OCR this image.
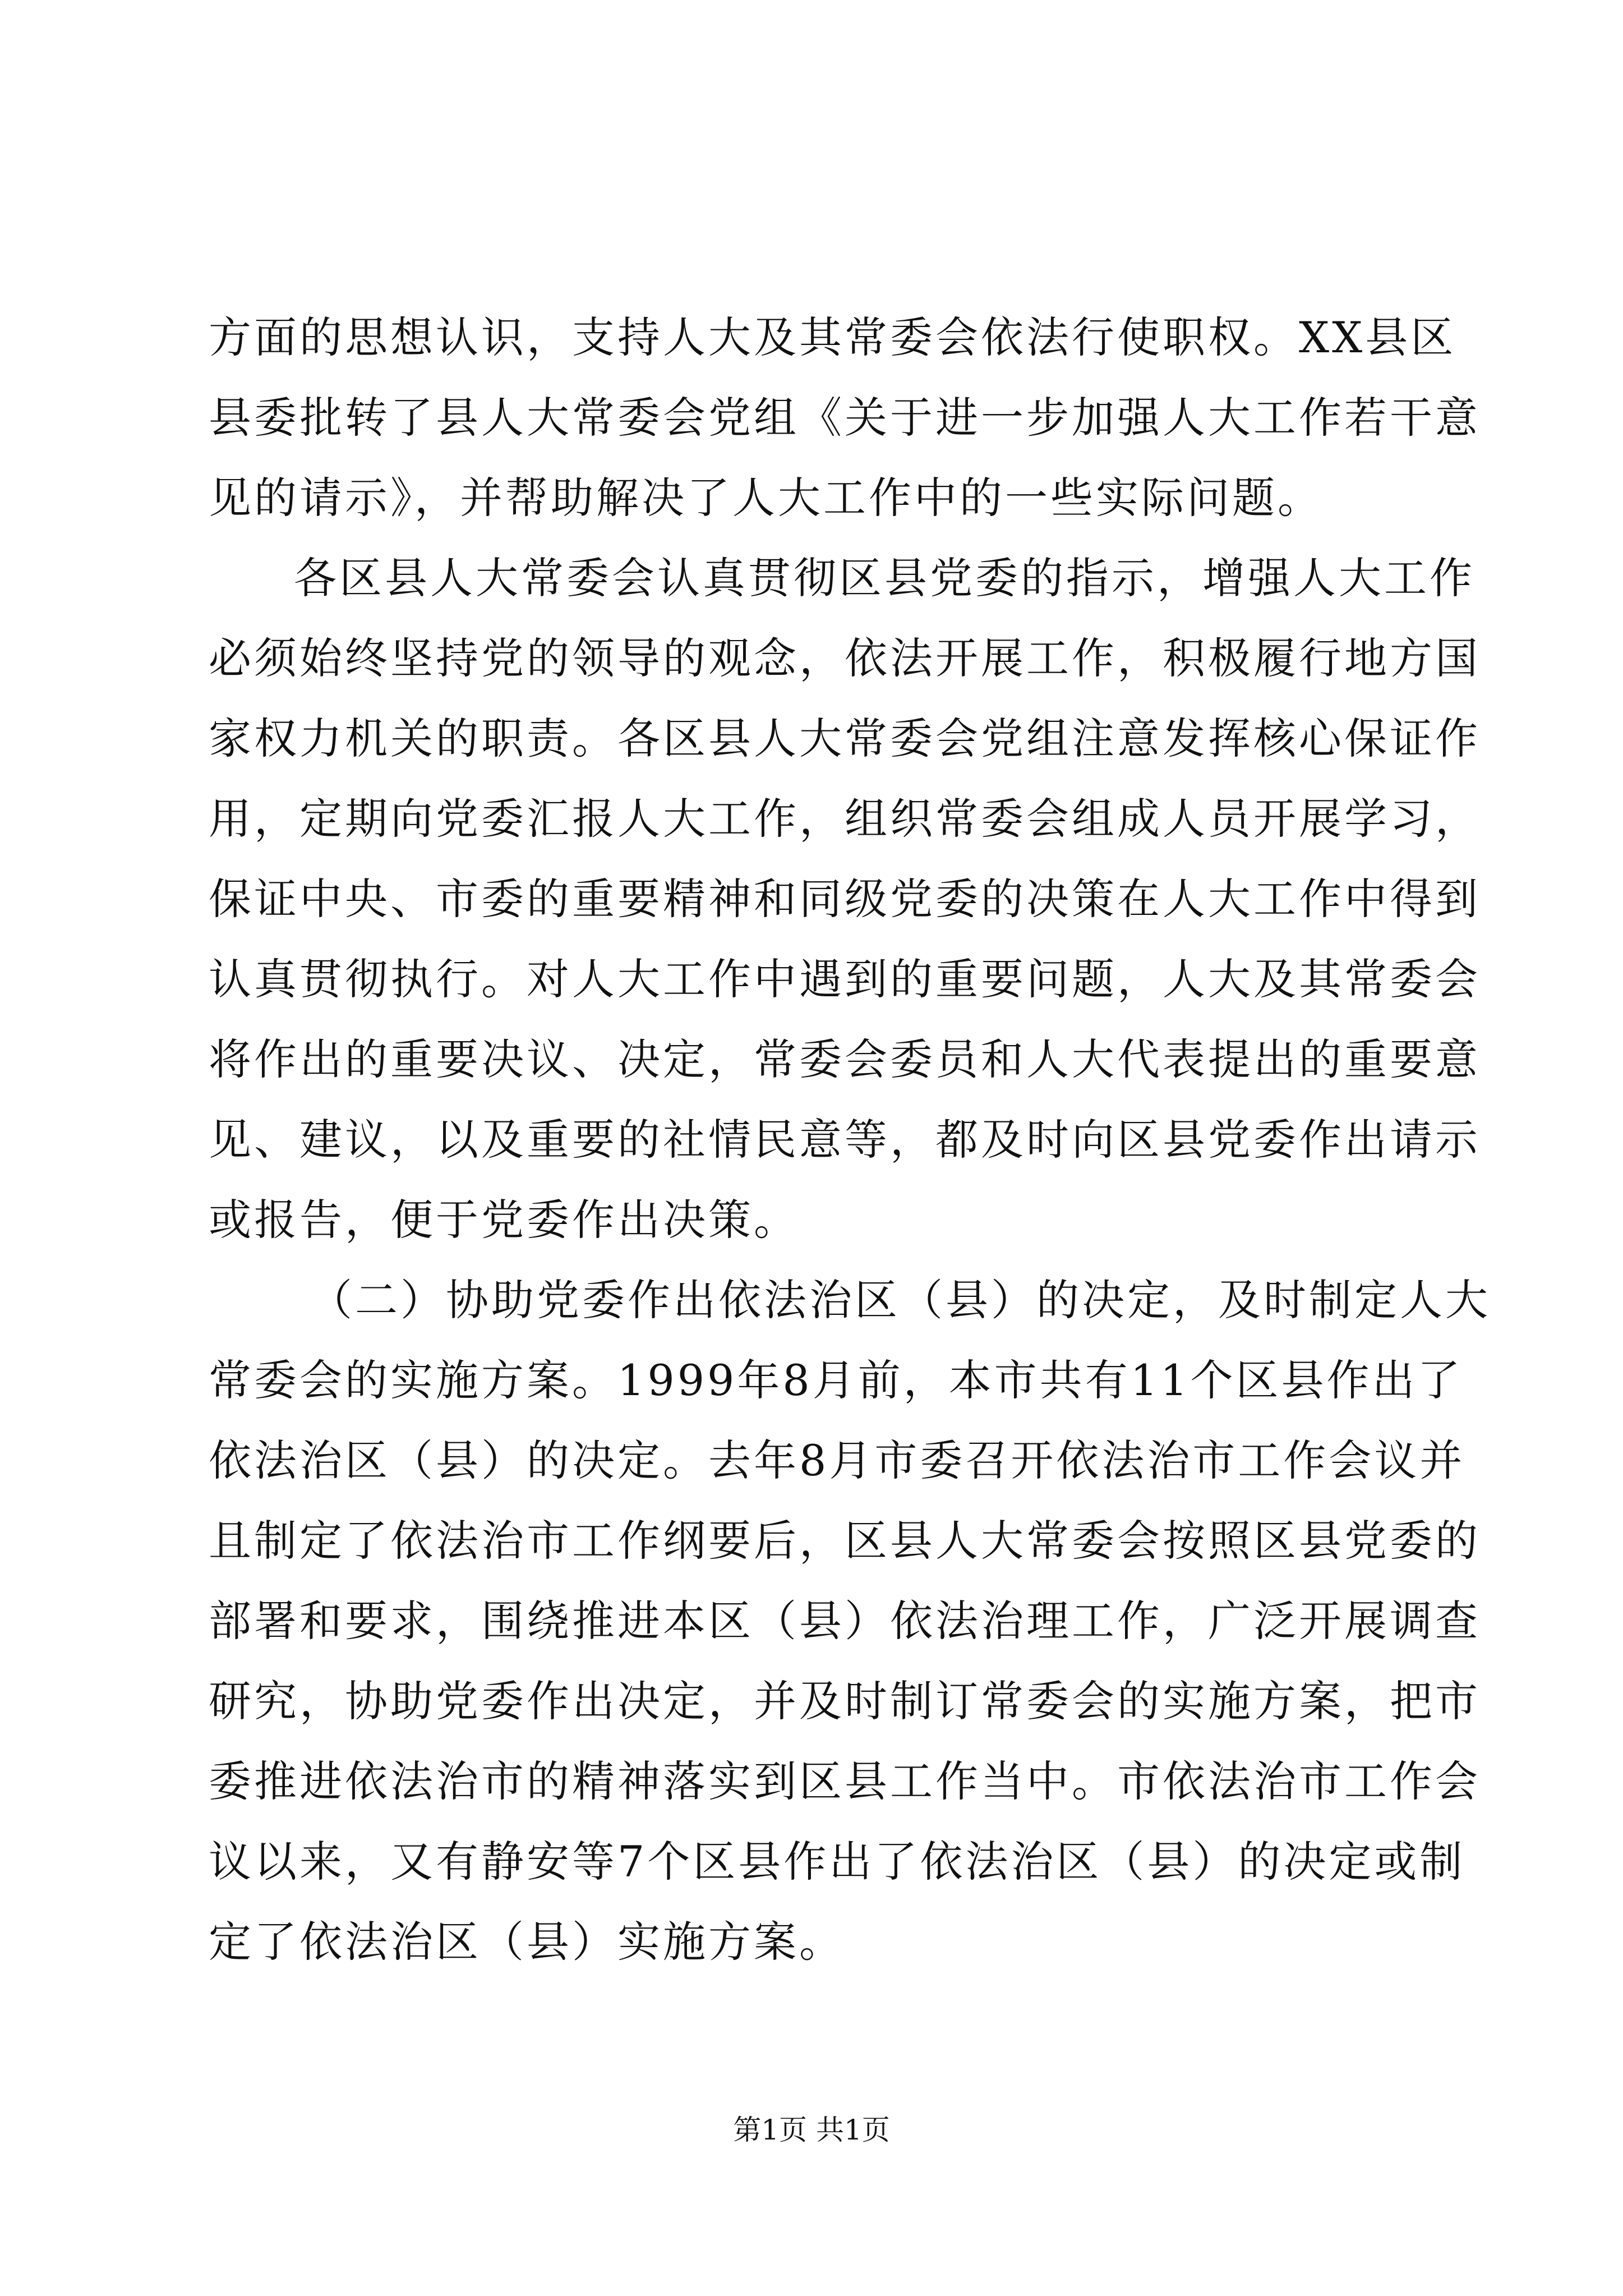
方面的思想认识，支持人大及其常委会依法行使职权。XX县区
县委批转了县人大常委会党组《关于进一步加强人大工作若干意
见的请示》，并帮助解决了人大工作中的一些实际问题。
各区县人大常委会认真贯彻区县党委的指示，增强人大工作
必须始终坚持党的领导的观念，依法开展工作，积极履行地方国
家权力机关的职责。各区县人大常委会党组注意发挥核心保证作
用，定期向党委汇报人大工作，组织常委会组成人员开展学习，
保证中央、市委的重要精神和同级党委的决策在人大工作中得到
认真贯彻执行。对人大工作中遇到的重要问题，人大及其常委会
将作出的重要决议、决定，常委会委员和人大代表提出的重要意
见、建议，以及重要的社情民意等，都及时向区县党委作出请示
或报告，便于党委作出决策。
（二）协助党委作出依法治区（县）的决定，及时制定人大
常委会的实施方案。1999年8月前，本市共有11个区县作出了
依法治区（县）的决定。去年8月市委召开依法治市工作会议并
且制定了依法治市工作纲要后，区县人大常委会按照区县党委的
部署和要求，围绕推进本区（县）依法治理工作，广泛开展调查
研究，协助党委作出决定，并及时制订常委会的实施方案，把市
委推进依法治市的精神落实到区县工作当中。市依法治市工作会
议以来，又有静安等7个区县作出了依法治区（县）的决定或制
定了依法治区（县）实施方案。
第1页 共1页
